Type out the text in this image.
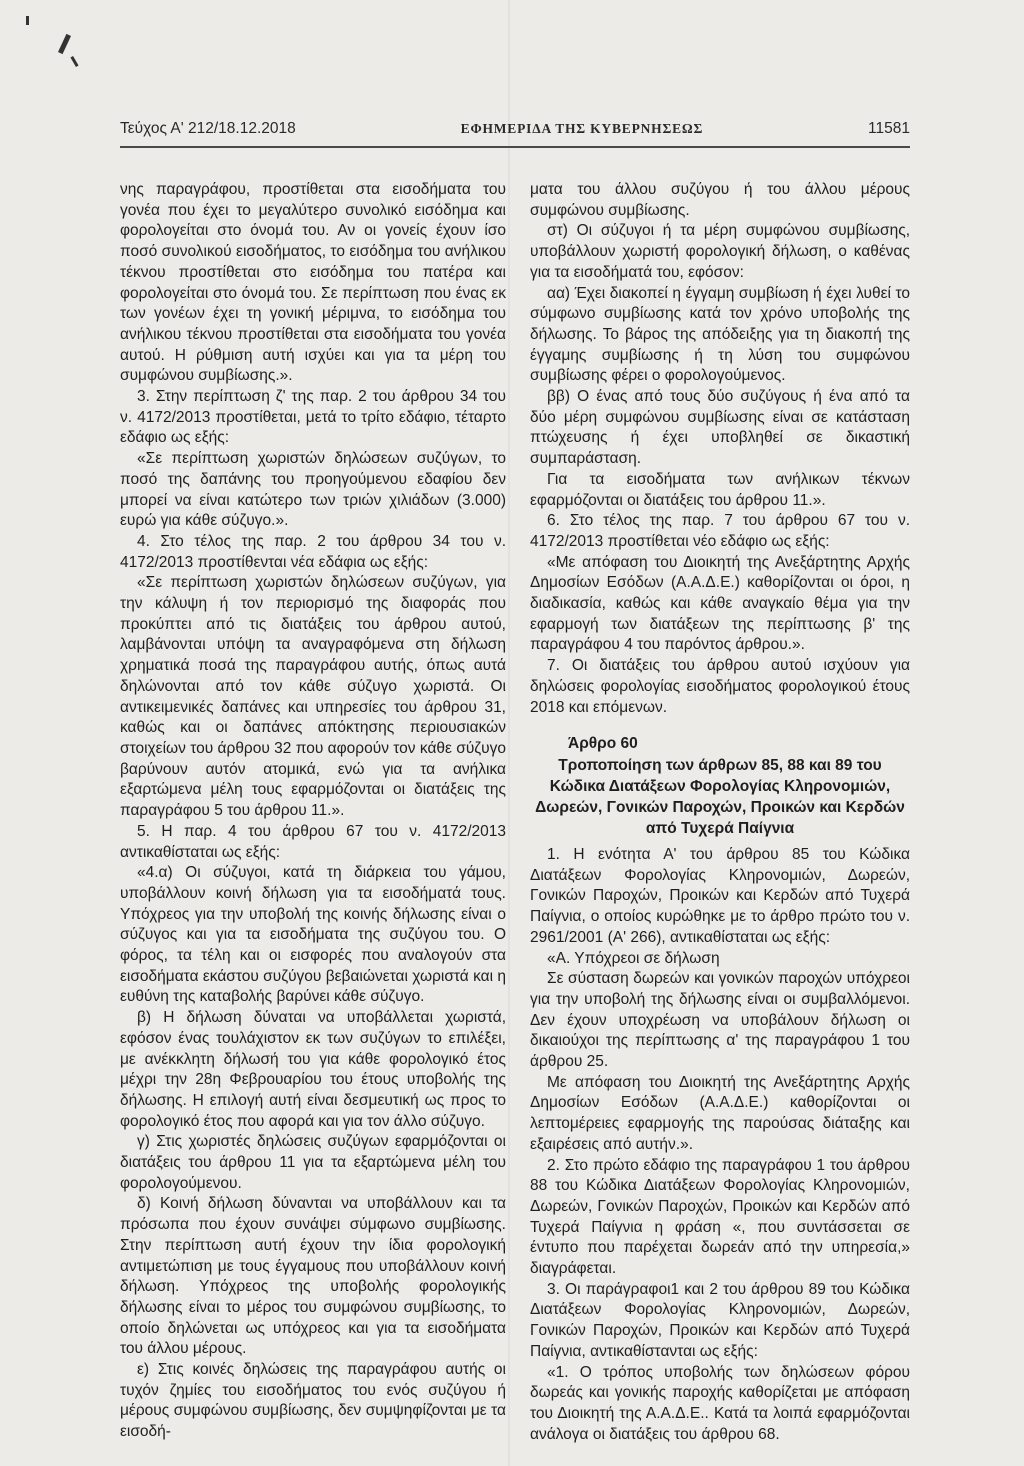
Τεύχος Α' 212/18.12.2018	ΕΦΗΜΕΡΙΔΑ ΤΗΣ ΚΥΒΕΡΝΗΣΕΩΣ	11581

νης παραγράφου, προστίθεται στα εισοδήματα του γονέα που έχει το μεγαλύτερο συνολικό εισόδημα και φορολογείται στο όνομά του. Αν οι γονείς έχουν ίσο ποσό συνολικού εισοδήματος, το εισόδημα του ανήλικου τέκνου προστίθεται στο εισόδημα του πατέρα και φορολογείται στο όνομά του. Σε περίπτωση που ένας εκ των γονέων έχει τη γονική μέριμνα, το εισόδημα του ανήλικου τέκνου προστίθεται στα εισοδήματα του γονέα αυτού. Η ρύθμιση αυτή ισχύει και για τα μέρη του συμφώνου συμβίωσης.».

3. Στην περίπτωση ζ' της παρ. 2 του άρθρου 34 του ν. 4172/2013 προστίθεται, μετά το τρίτο εδάφιο, τέταρτο εδάφιο ως εξής:

«Σε περίπτωση χωριστών δηλώσεων συζύγων, το ποσό της δαπάνης του προηγούμενου εδαφίου δεν μπορεί να είναι κατώτερο των τριών χιλιάδων (3.000) ευρώ για κάθε σύζυγο.».

4. Στο τέλος της παρ. 2 του άρθρου 34 του ν. 4172/2013 προστίθενται νέα εδάφια ως εξής:

«Σε περίπτωση χωριστών δηλώσεων συζύγων, για την κάλυψη ή τον περιορισμό της διαφοράς που προκύπτει από τις διατάξεις του άρθρου αυτού, λαμβάνονται υπόψη τα αναγραφόμενα στη δήλωση χρηματικά ποσά της παραγράφου αυτής, όπως αυτά δηλώνονται από τον κάθε σύζυγο χωριστά. Οι αντικειμενικές δαπάνες και υπηρεσίες του άρθρου 31, καθώς και οι δαπάνες απόκτησης περιουσιακών στοιχείων του άρθρου 32 που αφορούν τον κάθε σύζυγο βαρύνουν αυτόν ατομικά, ενώ για τα ανήλικα εξαρτώμενα μέλη τους εφαρμόζονται οι διατάξεις της παραγράφου 5 του άρθρου 11.».

5. Η παρ. 4 του άρθρου 67 του ν. 4172/2013 αντικαθίσταται ως εξής:

«4.α) Οι σύζυγοι, κατά τη διάρκεια του γάμου, υποβάλλουν κοινή δήλωση για τα εισοδήματά τους. Υπόχρεος για την υποβολή της κοινής δήλωσης είναι ο σύζυγος και για τα εισοδήματα της συζύγου του. Ο φόρος, τα τέλη και οι εισφορές που αναλογούν στα εισοδήματα εκάστου συζύγου βεβαιώνεται χωριστά και η ευθύνη της καταβολής βαρύνει κάθε σύζυγο.

β) Η δήλωση δύναται να υποβάλλεται χωριστά, εφόσον ένας τουλάχιστον εκ των συζύγων το επιλέξει, με ανέκκλητη δήλωσή του για κάθε φορολογικό έτος μέχρι την 28η Φεβρουαρίου του έτους υποβολής της δήλωσης. Η επιλογή αυτή είναι δεσμευτική ως προς το φορολογικό έτος που αφορά και για τον άλλο σύζυγο.

γ) Στις χωριστές δηλώσεις συζύγων εφαρμόζονται οι διατάξεις του άρθρου 11 για τα εξαρτώμενα μέλη του φορολογούμενου.

δ) Κοινή δήλωση δύνανται να υποβάλλουν και τα πρόσωπα που έχουν συνάψει σύμφωνο συμβίωσης. Στην περίπτωση αυτή έχουν την ίδια φορολογική αντιμετώπιση με τους έγγαμους που υποβάλλουν κοινή δήλωση. Υπόχρεος της υποβολής φορολογικής δήλωσης είναι το μέρος του συμφώνου συμβίωσης, το οποίο δηλώνεται ως υπόχρεος και για τα εισοδήματα του άλλου μέρους.

ε) Στις κοινές δηλώσεις της παραγράφου αυτής οι τυχόν ζημίες του εισοδήματος του ενός συζύγου ή μέρους συμφώνου συμβίωσης, δεν συμψηφίζονται με τα εισοδή-

ματα του άλλου συζύγου ή του άλλου μέρους συμφώνου συμβίωσης.

στ) Οι σύζυγοι ή τα μέρη συμφώνου συμβίωσης, υποβάλλουν χωριστή φορολογική δήλωση, ο καθένας για τα εισοδήματά του, εφόσον:

αα) Έχει διακοπεί η έγγαμη συμβίωση ή έχει λυθεί το σύμφωνο συμβίωσης κατά τον χρόνο υποβολής της δήλωσης. Το βάρος της απόδειξης για τη διακοπή της έγγαμης συμβίωσης ή τη λύση του συμφώνου συμβίωσης φέρει ο φορολογούμενος.

ββ) Ο ένας από τους δύο συζύγους ή ένα από τα δύο μέρη συμφώνου συμβίωσης είναι σε κατάσταση πτώχευσης ή έχει υποβληθεί σε δικαστική συμπαράσταση.

Για τα εισοδήματα των ανήλικων τέκνων εφαρμόζονται οι διατάξεις του άρθρου 11.».

6. Στο τέλος της παρ. 7 του άρθρου 67 του ν. 4172/2013 προστίθεται νέο εδάφιο ως εξής:

«Με απόφαση του Διοικητή της Ανεξάρτητης Αρχής Δημοσίων Εσόδων (Α.Α.Δ.Ε.) καθορίζονται οι όροι, η διαδικασία, καθώς και κάθε αναγκαίο θέμα για την εφαρμογή των διατάξεων της περίπτωσης β' της παραγράφου 4 του παρόντος άρθρου.».

7. Οι διατάξεις του άρθρου αυτού ισχύουν για δηλώσεις φορολογίας εισοδήματος φορολογικού έτους 2018 και επόμενων.

Άρθρο 60

Τροποποίηση των άρθρων 85, 88 και 89 του Κώδικα Διατάξεων Φορολογίας Κληρονομιών, Δωρεών, Γονικών Παροχών, Προικών και Κερδών από Τυχερά Παίγνια

1. Η ενότητα Α' του άρθρου 85 του Κώδικα Διατάξεων Φορολογίας Κληρονομιών, Δωρεών, Γονικών Παροχών, Προικών και Κερδών από Τυχερά Παίγνια, ο οποίος κυρώθηκε με το άρθρο πρώτο του ν. 2961/2001 (Α' 266), αντικαθίσταται ως εξής:

«Α. Υπόχρεοι σε δήλωση

Σε σύσταση δωρεών και γονικών παροχών υπόχρεοι για την υποβολή της δήλωσης είναι οι συμβαλλόμενοι. Δεν έχουν υποχρέωση να υποβάλουν δήλωση οι δικαιούχοι της περίπτωσης α' της παραγράφου 1 του άρθρου 25.

Με απόφαση του Διοικητή της Ανεξάρτητης Αρχής Δημοσίων Εσόδων (Α.Α.Δ.Ε.) καθορίζονται οι λεπτομέρειες εφαρμογής της παρούσας διάταξης και εξαιρέσεις από αυτήν.».

2. Στο πρώτο εδάφιο της παραγράφου 1 του άρθρου 88 του Κώδικα Διατάξεων Φορολογίας Κληρονομιών, Δωρεών, Γονικών Παροχών, Προικών και Κερδών από Τυχερά Παίγνια η φράση «, που συντάσσεται σε έντυπο που παρέχεται δωρεάν από την υπηρεσία,» διαγράφεται.

3. Οι παράγραφοι1 και 2 του άρθρου 89 του Κώδικα Διατάξεων Φορολογίας Κληρονομιών, Δωρεών, Γονικών Παροχών, Προικών και Κερδών από Τυχερά Παίγνια, αντικαθίστανται ως εξής:

«1. Ο τρόπος υποβολής των δηλώσεων φόρου δωρεάς και γονικής παροχής καθορίζεται με απόφαση του Διοικητή της Α.Α.Δ.Ε.. Κατά τα λοιπά εφαρμόζονται ανάλογα οι διατάξεις του άρθρου 68.
